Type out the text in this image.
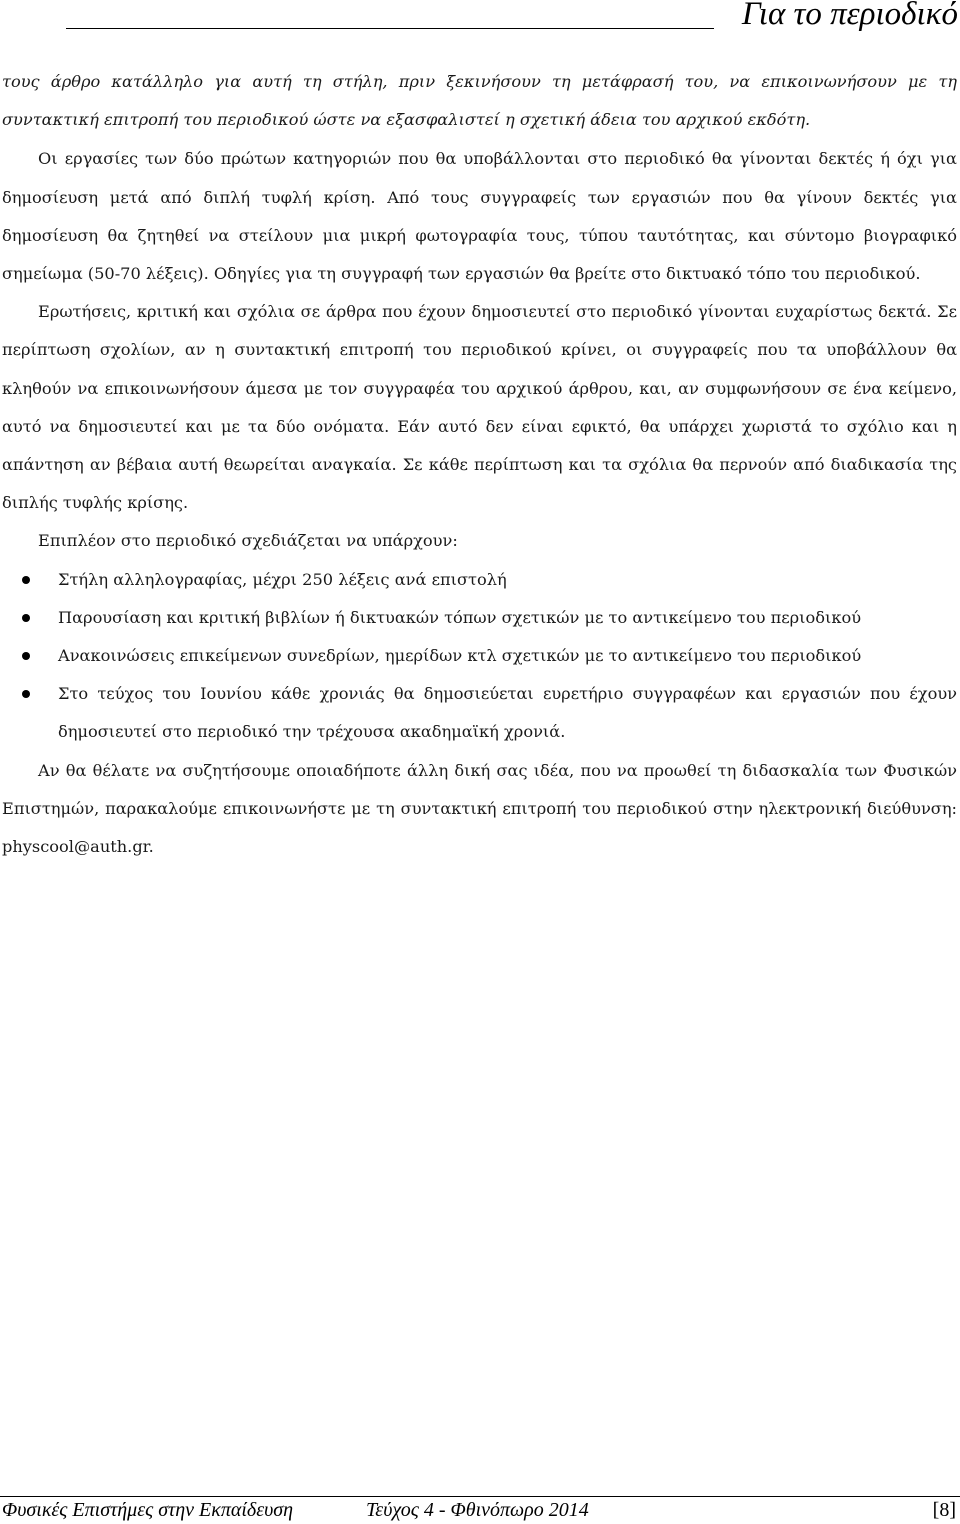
Για το περιοδικό

τους άρθρο κατάλληλο για αυτή τη στήλη, πριν ξεκινήσουν τη μετάφρασή του, να επικοινωνήσουν με τη συντακτική επιτροπή του περιοδικού ώστε να εξασφαλιστεί η σχετική άδεια του αρχικού εκδότη.

Οι εργασίες των δύο πρώτων κατηγοριών που θα υποβάλλονται στο περιοδικό θα γίνονται δεκτές ή όχι για δημοσίευση μετά από διπλή τυφλή κρίση. Από τους συγγραφείς των εργασιών που θα γίνουν δεκτές για δημοσίευση θα ζητηθεί να στείλουν μια μικρή φωτογραφία τους, τύπου ταυτότητας, και σύντομο βιογραφικό σημείωμα (50-70 λέξεις). Οδηγίες για τη συγγραφή των εργασιών θα βρείτε στο δικτυακό τόπο του περιοδικού.

Ερωτήσεις, κριτική και σχόλια σε άρθρα που έχουν δημοσιευτεί στο περιοδικό γίνονται ευχαρίστως δεκτά. Σε περίπτωση σχολίων, αν η συντακτική επιτροπή του περιοδικού κρίνει, οι συγγραφείς που τα υποβάλλουν θα κληθούν να επικοινωνήσουν άμεσα με τον συγγραφέα του αρχικού άρθρου, και, αν συμφωνήσουν σε ένα κείμενο, αυτό να δημοσιευτεί και με τα δύο ονόματα. Εάν αυτό δεν είναι εφικτό, θα υπάρχει χωριστά το σχόλιο και η απάντηση αν βέβαια αυτή θεωρείται αναγκαία. Σε κάθε περίπτωση και τα σχόλια θα περνούν από διαδικασία της διπλής τυφλής κρίσης.

Επιπλέον στο περιοδικό σχεδιάζεται να υπάρχουν:

Στήλη αλληλογραφίας, μέχρι 250 λέξεις ανά επιστολή
Παρουσίαση και κριτική βιβλίων ή δικτυακών τόπων σχετικών με το αντικείμενο του περιοδικού
Ανακοινώσεις επικείμενων συνεδρίων, ημερίδων κτλ σχετικών με το αντικείμενο του περιοδικού
Στο τεύχος του Ιουνίου κάθε χρονιάς θα δημοσιεύεται ευρετήριο συγγραφέων και εργασιών που έχουν δημοσιευτεί στο περιοδικό την τρέχουσα ακαδημαϊκή χρονιά.

Αν θα θέλατε να συζητήσουμε οποιαδήποτε άλλη δική σας ιδέα, που να προωθεί τη διδασκαλία των Φυσικών Επιστημών, παρακαλούμε επικοινωνήστε με τη συντακτική επιτροπή του περιοδικού στην ηλεκτρονική διεύθυνση: physcool@auth.gr.

Φυσικές Επιστήμες στην Εκπαίδευση	Τεύχος 4 - Φθινόπωρο 2014	[8]
